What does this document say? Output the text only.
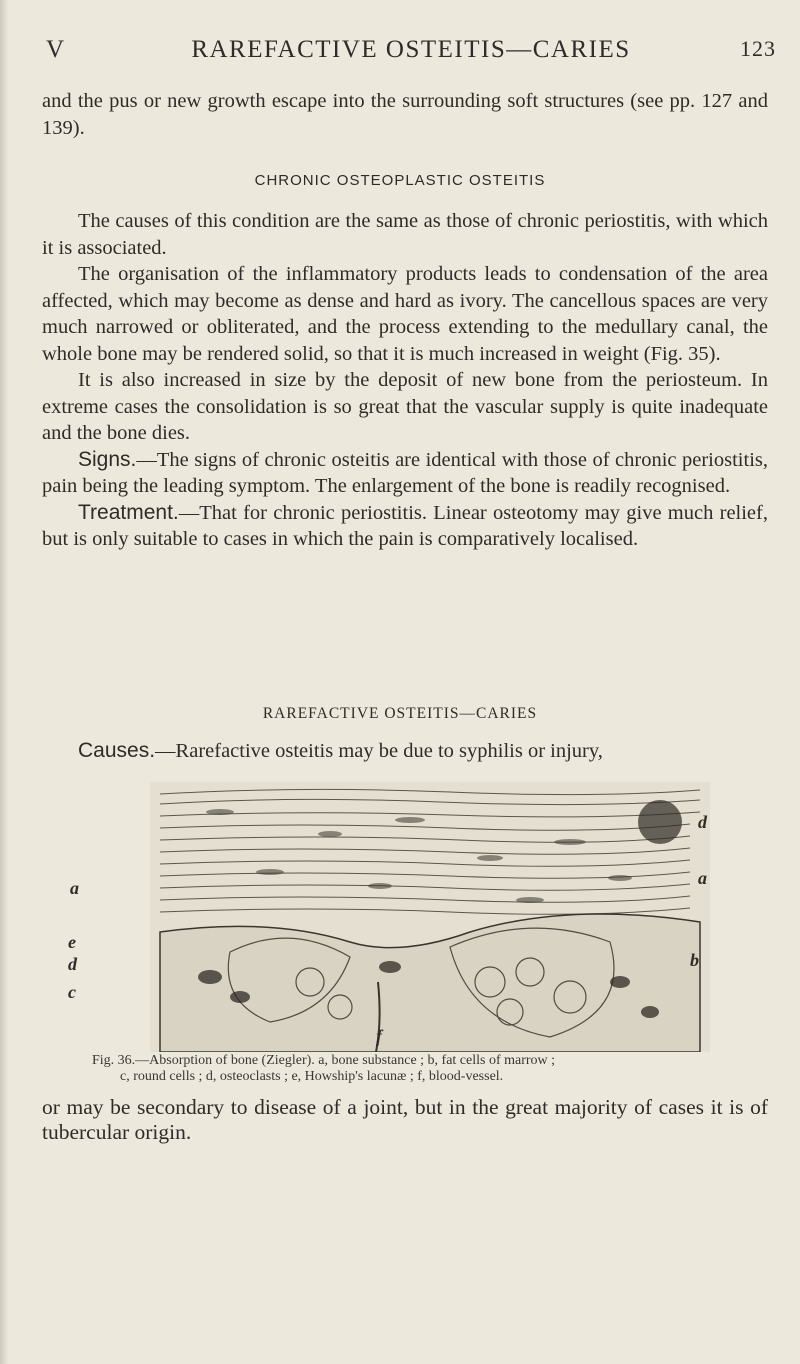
V	RAREFACTIVE OSTEITIS—CARIES	123

and the pus or new growth escape into the surrounding soft structures (see pp. 127 and 139).

CHRONIC OSTEOPLASTIC OSTEITIS

The causes of this condition are the same as those of chronic periostitis, with which it is associated.

The organisation of the inflammatory products leads to condensation of the area affected, which may become as dense and hard as ivory. The cancellous spaces are very much narrowed or obliterated, and the process extending to the medullary canal, the whole bone may be rendered solid, so that it is much increased in weight (Fig. 35).

It is also increased in size by the deposit of new bone from the periosteum. In extreme cases the consolidation is so great that the vascular supply is quite inadequate and the bone dies.

Signs.—The signs of chronic osteitis are identical with those of chronic periostitis, pain being the leading symptom. The enlargement of the bone is readily recognised.

Treatment.—That for chronic periostitis. Linear osteotomy may give much relief, but is only suitable to cases in which the pain is comparatively localised.

RAREFACTIVE OSTEITIS—CARIES

Causes.—Rarefactive osteitis may be due to syphilis or injury,

a	a
d
e
d
c
b
f
Fig. 36.—Absorption of bone (Ziegler). a, bone substance ; b, fat cells of marrow ;
c, round cells ; d, osteoclasts ; e, Howship's lacunæ ; f, blood-vessel.

or may be secondary to disease of a joint, but in the great majority of cases it is of tubercular origin.
